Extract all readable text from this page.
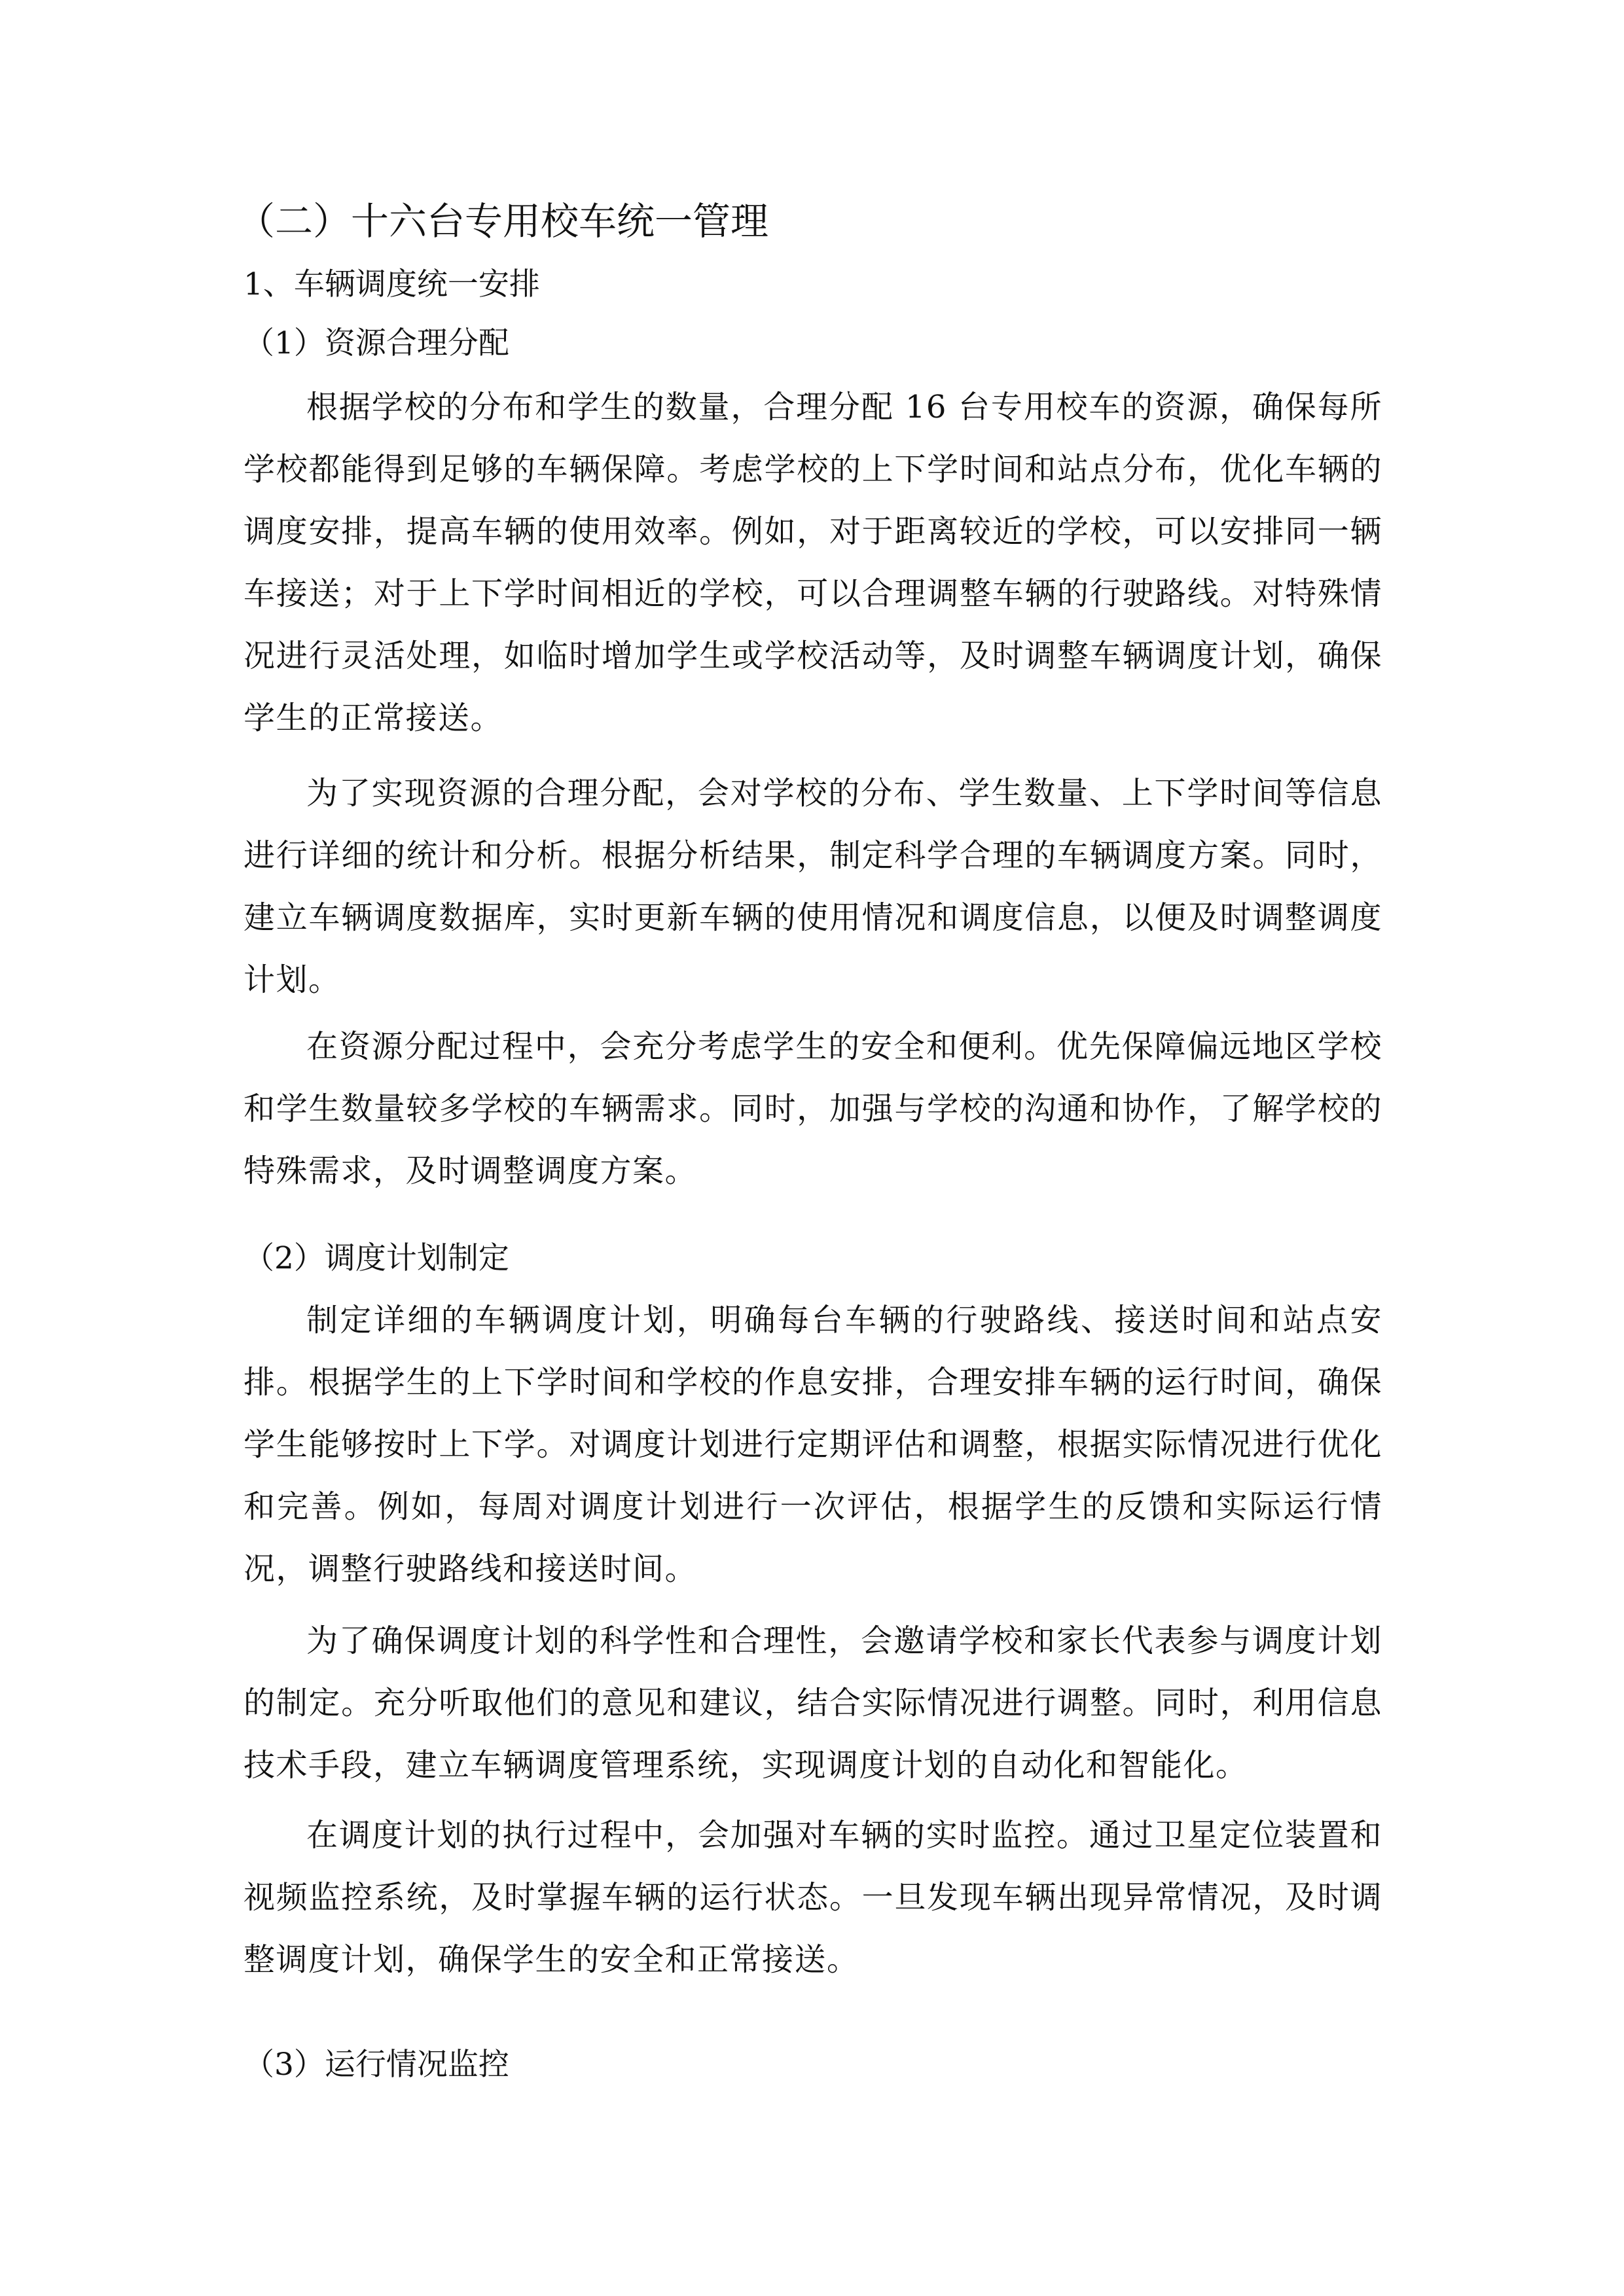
（二）十六台专用校车统一管理
1、车辆调度统一安排
（1）资源合理分配

根据学校的分布和学生的数量，合理分配 16 台专用校车的资源，确保每所学校都能得到足够的车辆保障。考虑学校的上下学时间和站点分布，优化车辆的调度安排，提高车辆的使用效率。例如，对于距离较近的学校，可以安排同一辆车接送；对于上下学时间相近的学校，可以合理调整车辆的行驶路线。对特殊情况进行灵活处理，如临时增加学生或学校活动等，及时调整车辆调度计划，确保学生的正常接送。

为了实现资源的合理分配，会对学校的分布、学生数量、上下学时间等信息进行详细的统计和分析。根据分析结果，制定科学合理的车辆调度方案。同时，建立车辆调度数据库，实时更新车辆的使用情况和调度信息，以便及时调整调度计划。

在资源分配过程中，会充分考虑学生的安全和便利。优先保障偏远地区学校和学生数量较多学校的车辆需求。同时，加强与学校的沟通和协作，了解学校的特殊需求，及时调整调度方案。

（2）调度计划制定

制定详细的车辆调度计划，明确每台车辆的行驶路线、接送时间和站点安排。根据学生的上下学时间和学校的作息安排，合理安排车辆的运行时间，确保学生能够按时上下学。对调度计划进行定期评估和调整，根据实际情况进行优化和完善。例如，每周对调度计划进行一次评估，根据学生的反馈和实际运行情况，调整行驶路线和接送时间。

为了确保调度计划的科学性和合理性，会邀请学校和家长代表参与调度计划的制定。充分听取他们的意见和建议，结合实际情况进行调整。同时，利用信息技术手段，建立车辆调度管理系统，实现调度计划的自动化和智能化。

在调度计划的执行过程中，会加强对车辆的实时监控。通过卫星定位装置和视频监控系统，及时掌握车辆的运行状态。一旦发现车辆出现异常情况，及时调整调度计划，确保学生的安全和正常接送。

（3）运行情况监控
